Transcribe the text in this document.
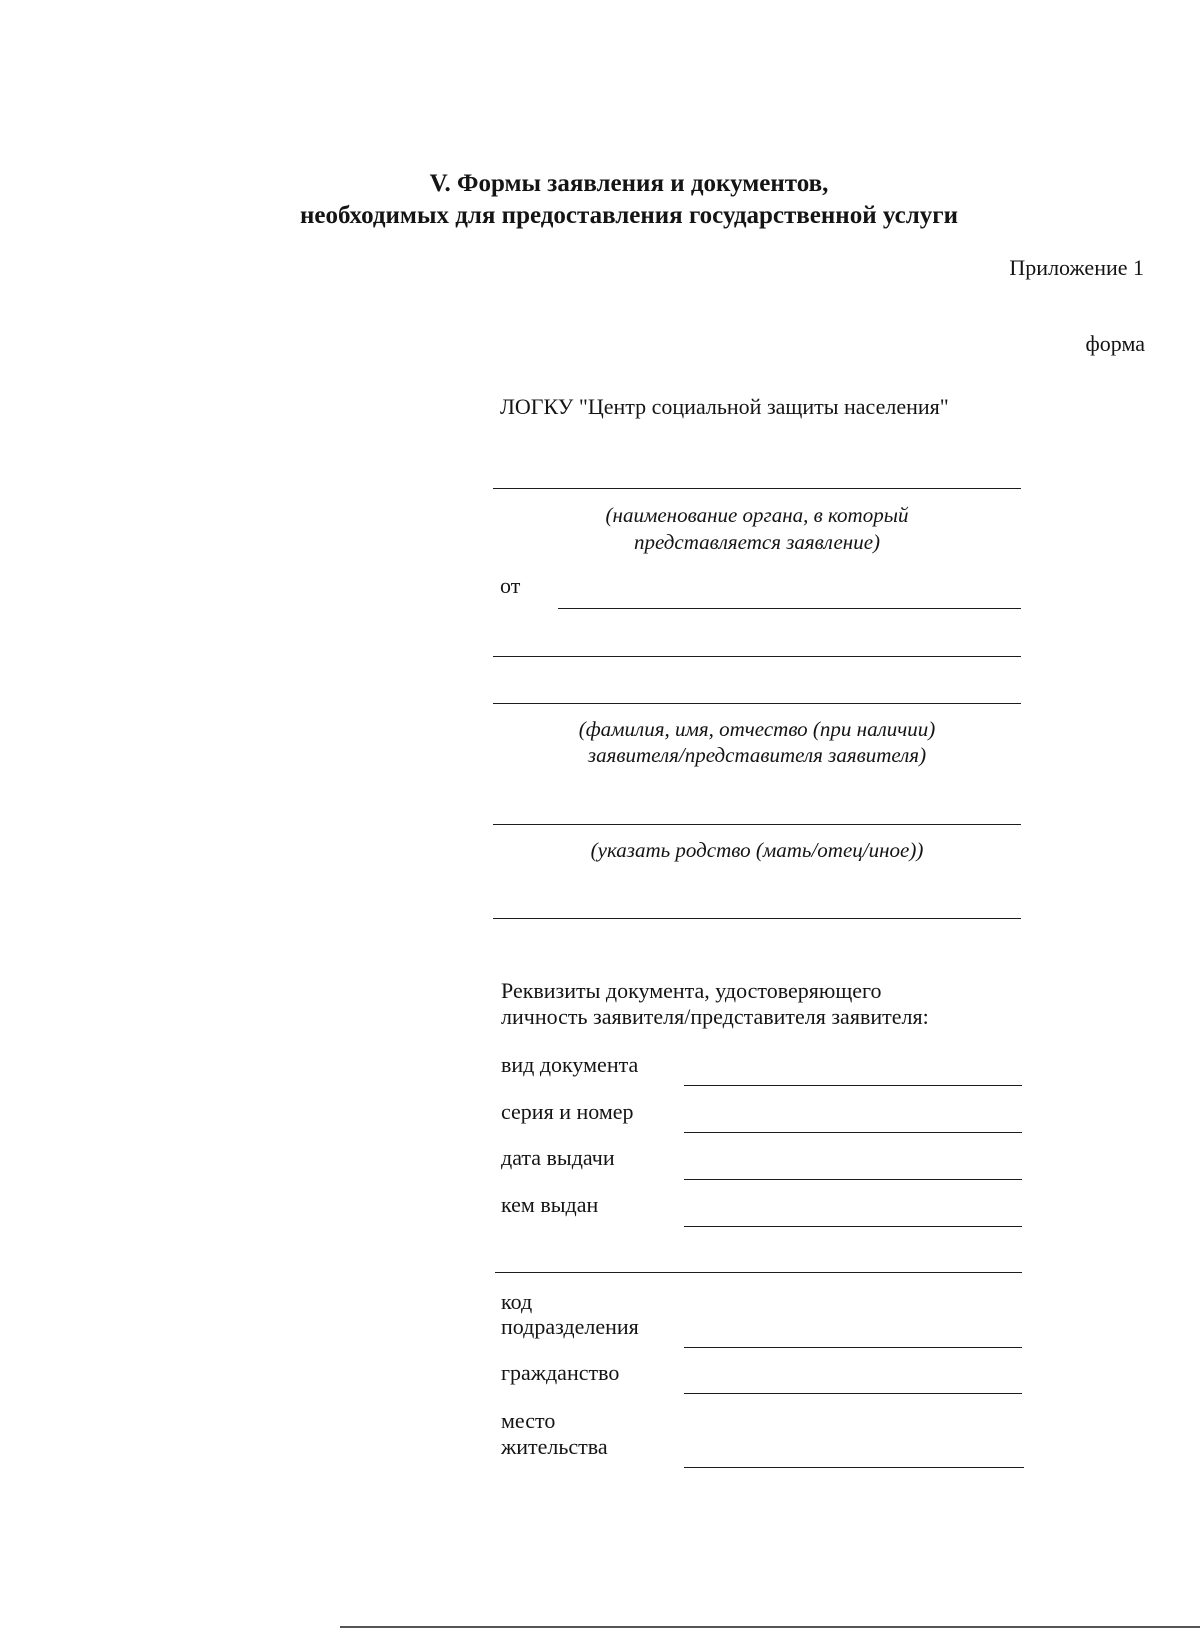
V. Формы заявления и документов,
необходимых для предоставления государственной услуги
Приложение 1
форма
ЛОГКУ "Центр социальной защиты населения"
(наименование органа, в который
представляется заявление)
от
(фамилия, имя, отчество (при наличии)
заявителя/представителя заявителя)
(указать родство (мать/отец/иное))
Реквизиты документа, удостоверяющего
личность заявителя/представителя заявителя:
вид документа
серия и номер
дата выдачи
кем выдан
код
подразделения
гражданство
место
жительства
